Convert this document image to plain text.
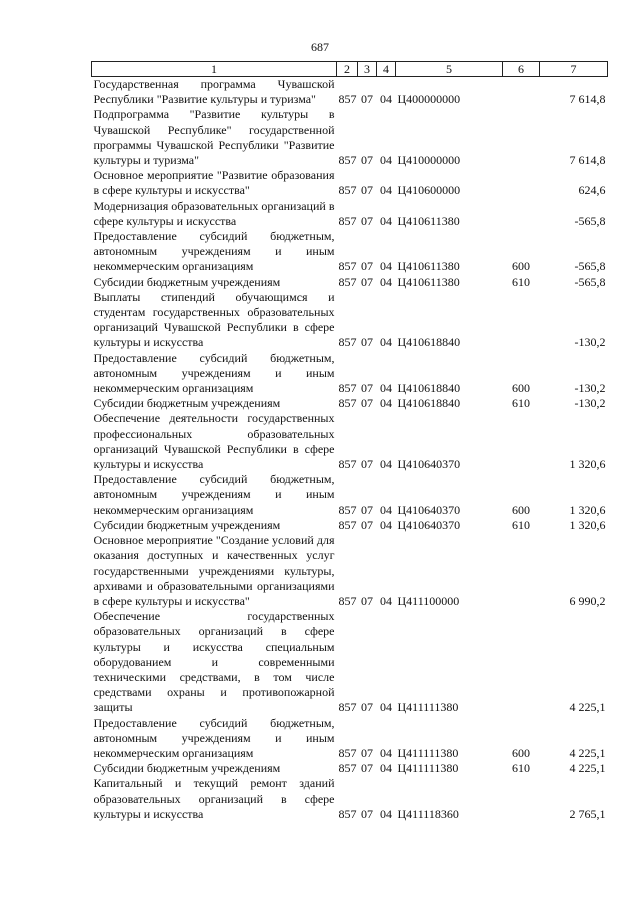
687
1	2	3	4	5	6	7
Государственная программа Чувашской Республики "Развитие культуры и туризма"	857	07	04	Ц400000000		7 614,8
Подпрограмма "Развитие культуры в Чувашской Республике" государственной программы Чувашской Республики "Развитие культуры и туризма"	857	07	04	Ц410000000		7 614,8
Основное мероприятие "Развитие образования в сфере культуры и искусства"	857	07	04	Ц410600000		624,6
Модернизация образовательных организаций в сфере культуры и искусства	857	07	04	Ц410611380		-565,8
Предоставление субсидий бюджетным, автономным учреждениям и иным некоммерческим организациям	857	07	04	Ц410611380	600	-565,8
Субсидии бюджетным учреждениям	857	07	04	Ц410611380	610	-565,8
Выплаты стипендий обучающимся и студентам государственных образовательных организаций Чувашской Республики в сфере культуры и искусства	857	07	04	Ц410618840		-130,2
Предоставление субсидий бюджетным, автономным учреждениям и иным некоммерческим организациям	857	07	04	Ц410618840	600	-130,2
Субсидии бюджетным учреждениям	857	07	04	Ц410618840	610	-130,2
Обеспечение деятельности государственных профессиональных образовательных организаций Чувашской Республики в сфере культуры и искусства	857	07	04	Ц410640370		1 320,6
Предоставление субсидий бюджетным, автономным учреждениям и иным некоммерческим организациям	857	07	04	Ц410640370	600	1 320,6
Субсидии бюджетным учреждениям	857	07	04	Ц410640370	610	1 320,6
Основное мероприятие "Создание условий для оказания доступных и качественных услуг государственными учреждениями культуры, архивами и образовательными организациями в сфере культуры и искусства"	857	07	04	Ц411100000		6 990,2
Обеспечение государственных образовательных организаций в сфере культуры и искусства специальным оборудованием и современными техническими средствами, в том числе средствами охраны и противопожарной защиты	857	07	04	Ц411111380		4 225,1
Предоставление субсидий бюджетным, автономным учреждениям и иным некоммерческим организациям	857	07	04	Ц411111380	600	4 225,1
Субсидии бюджетным учреждениям	857	07	04	Ц411111380	610	4 225,1
Капитальный и текущий ремонт зданий образовательных организаций в сфере культуры и искусства	857	07	04	Ц411118360		2 765,1
